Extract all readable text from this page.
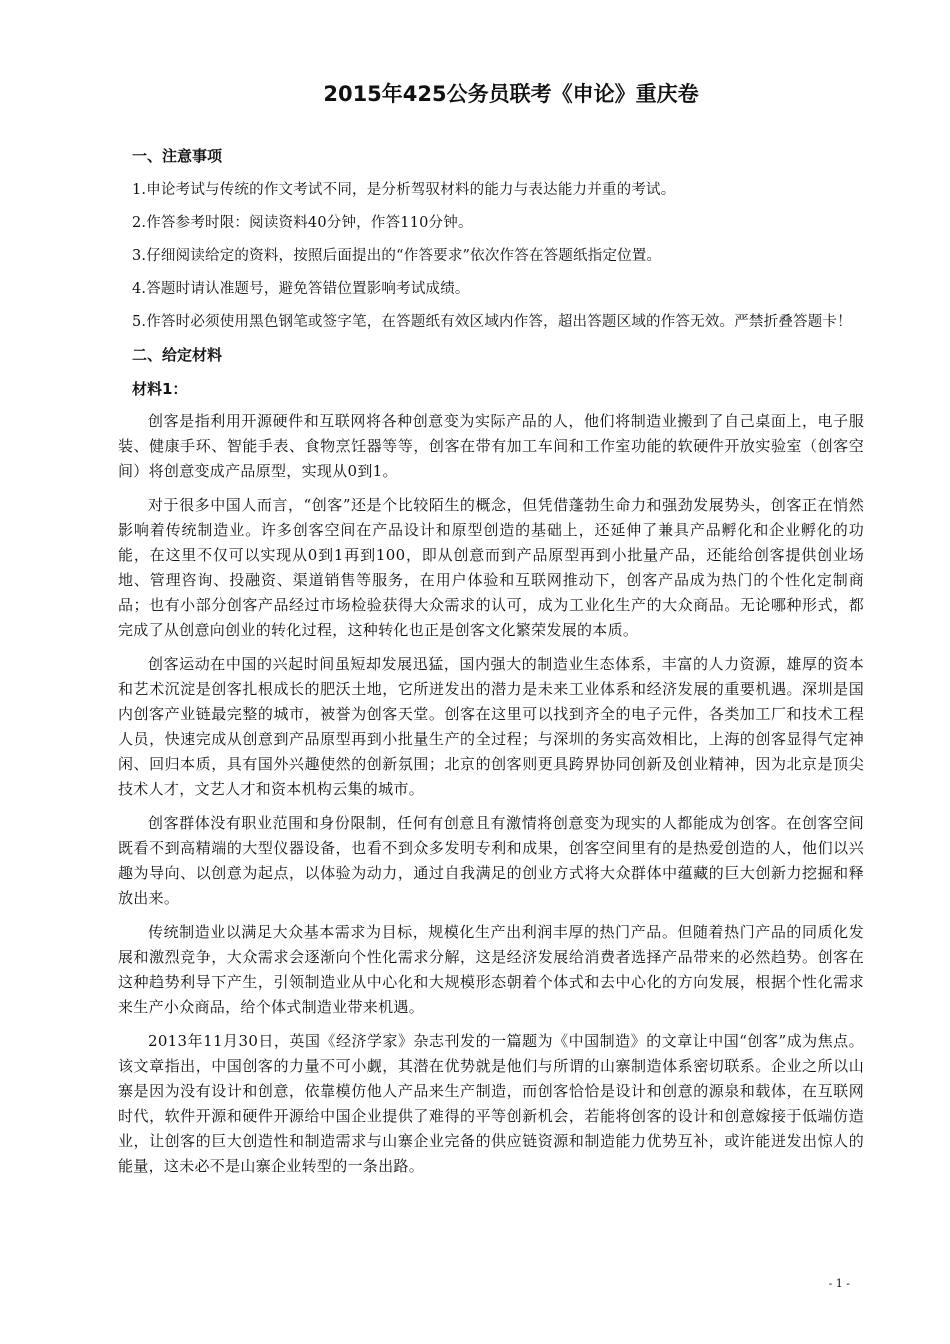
2015年425公务员联考《申论》重庆卷
一、注意事项

1.申论考试与传统的作文考试不同，是分析驾驭材料的能力与表达能力并重的考试。

2.作答参考时限：阅读资料40分钟，作答110分钟。

3.仔细阅读给定的资料，按照后面提出的“作答要求”依次作答在答题纸指定位置。

4.答题时请认准题号，避免答错位置影响考试成绩。

5.作答时必须使用黑色钢笔或签字笔，在答题纸有效区域内作答，超出答题区域的作答无效。严禁折叠答题卡！

二、给定材料
材料1：

创客是指利用开源硬件和互联网将各种创意变为实际产品的人，他们将制造业搬到了自己桌面上，电子服装、健康手环、智能手表、食物烹饪器等等，创客在带有加工车间和工作室功能的软硬件开放实验室（创客空间）将创意变成产品原型，实现从0到1。

对于很多中国人而言，“创客”还是个比较陌生的概念，但凭借蓬勃生命力和强劲发展势头，创客正在悄然影响着传统制造业。许多创客空间在产品设计和原型创造的基础上，还延伸了兼具产品孵化和企业孵化的功能，在这里不仅可以实现从0到1再到100，即从创意而到产品原型再到小批量产品，还能给创客提供创业场地、管理咨询、投融资、渠道销售等服务，在用户体验和互联网推动下，创客产品成为热门的个性化定制商品；也有小部分创客产品经过市场检验获得大众需求的认可，成为工业化生产的大众商品。无论哪种形式，都完成了从创意向创业的转化过程，这种转化也正是创客文化繁荣发展的本质。

创客运动在中国的兴起时间虽短却发展迅猛，国内强大的制造业生态体系，丰富的人力资源，雄厚的资本和艺术沉淀是创客扎根成长的肥沃土地，它所迸发出的潜力是未来工业体系和经济发展的重要机遇。深圳是国内创客产业链最完整的城市，被誉为创客天堂。创客在这里可以找到齐全的电子元件，各类加工厂和技术工程人员，快速完成从创意到产品原型再到小批量生产的全过程；与深圳的务实高效相比，上海的创客显得气定神闲、回归本质，具有国外兴趣使然的创新氛围；北京的创客则更具跨界协同创新及创业精神，因为北京是顶尖技术人才，文艺人才和资本机构云集的城市。

创客群体没有职业范围和身份限制，任何有创意且有激情将创意变为现实的人都能成为创客。在创客空间既看不到高精端的大型仪器设备，也看不到众多发明专利和成果，创客空间里有的是热爱创造的人，他们以兴趣为导向、以创意为起点，以体验为动力，通过自我满足的创业方式将大众群体中蕴藏的巨大创新力挖掘和释放出来。

传统制造业以满足大众基本需求为目标，规模化生产出利润丰厚的热门产品。但随着热门产品的同质化发展和激烈竞争，大众需求会逐渐向个性化需求分解，这是经济发展给消费者选择产品带来的必然趋势。创客在这种趋势利导下产生，引领制造业从中心化和大规模形态朝着个体式和去中心化的方向发展，根据个性化需求来生产小众商品，给个体式制造业带来机遇。

2013年11月30日，英国《经济学家》杂志刊发的一篇题为《中国制造》的文章让中国“创客”成为焦点。该文章指出，中国创客的力量不可小觑，其潜在优势就是他们与所谓的山寨制造体系密切联系。企业之所以山寨是因为没有设计和创意，依靠模仿他人产品来生产制造，而创客恰恰是设计和创意的源泉和载体，在互联网时代，软件开源和硬件开源给中国企业提供了难得的平等创新机会，若能将创客的设计和创意嫁接于低端仿造业，让创客的巨大创造性和制造需求与山寨企业完备的供应链资源和制造能力优势互补，或许能迸发出惊人的能量，这未必不是山寨企业转型的一条出路。

- 1 -
